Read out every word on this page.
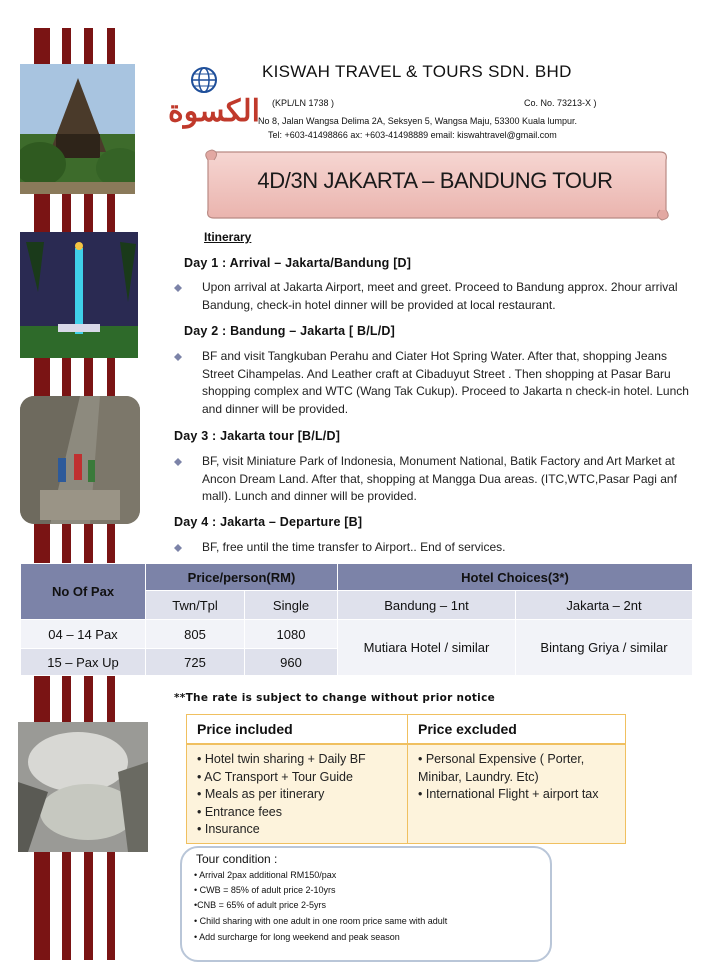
الكسوة
KISWAH TRAVEL & TOURS SDN. BHD
(KPL/LN 1738 )	Co. No. 73213-X )
No 8, Jalan Wangsa Delima 2A, Seksyen 5, Wangsa Maju, 53300 Kuala lumpur.
Tel: +603-41498866 ax: +603-41498889 email: kiswahtravel@gmail.com
4D/3N JAKARTA – BANDUNG TOUR
Itinerary
Day 1 : Arrival – Jakarta/Bandung [D]
Upon arrival at Jakarta Airport, meet and greet. Proceed to Bandung approx. 2hour arrival Bandung, check-in hotel dinner will be provided at local restaurant.
Day 2 : Bandung – Jakarta [ B/L/D]
BF and visit Tangkuban Perahu and Ciater Hot Spring Water. After that, shopping Jeans Street Cihampelas. And Leather craft at Cibaduyut Street . Then shopping at Pasar Baru shopping complex and WTC (Wang Tak Cukup). Proceed to Jakarta n check-in hotel. Lunch and dinner will be provided.
Day 3 : Jakarta tour [B/L/D]
BF, visit Miniature Park of Indonesia, Monument National, Batik Factory and Art Market at Ancon Dream Land. After that, shopping at Mangga Dua areas. (ITC,WTC,Pasar Pagi anf mall). Lunch and dinner will be provided.
Day 4 : Jakarta – Departure [B]
BF, free until the time transfer to Airport.. End of services.
No Of Pax	Price/person(RM)		Hotel Choices(3*)	
	Twn/Tpl	Single	Bandung – 1nt	Jakarta – 2nt
04 – 14 Pax	805	1080	Mutiara Hotel / similar	Bintang Griya / similar
15 – Pax Up	725	960		
**The rate is subject to change without prior notice
Price included
• Hotel twin sharing + Daily BF
• AC Transport + Tour Guide
• Meals as per itinerary
• Entrance fees
• Insurance
Price excluded
• Personal Expensive ( Porter, Minibar, Laundry. Etc)
• International Flight + airport tax
Tour condition :
• Arrival 2pax additional RM150/pax
• CWB = 85% of adult price 2-10yrs
•CNB = 65% of adult price 2-5yrs
• Child sharing with one adult in one room price same with adult
• Add surcharge for long weekend and peak season
